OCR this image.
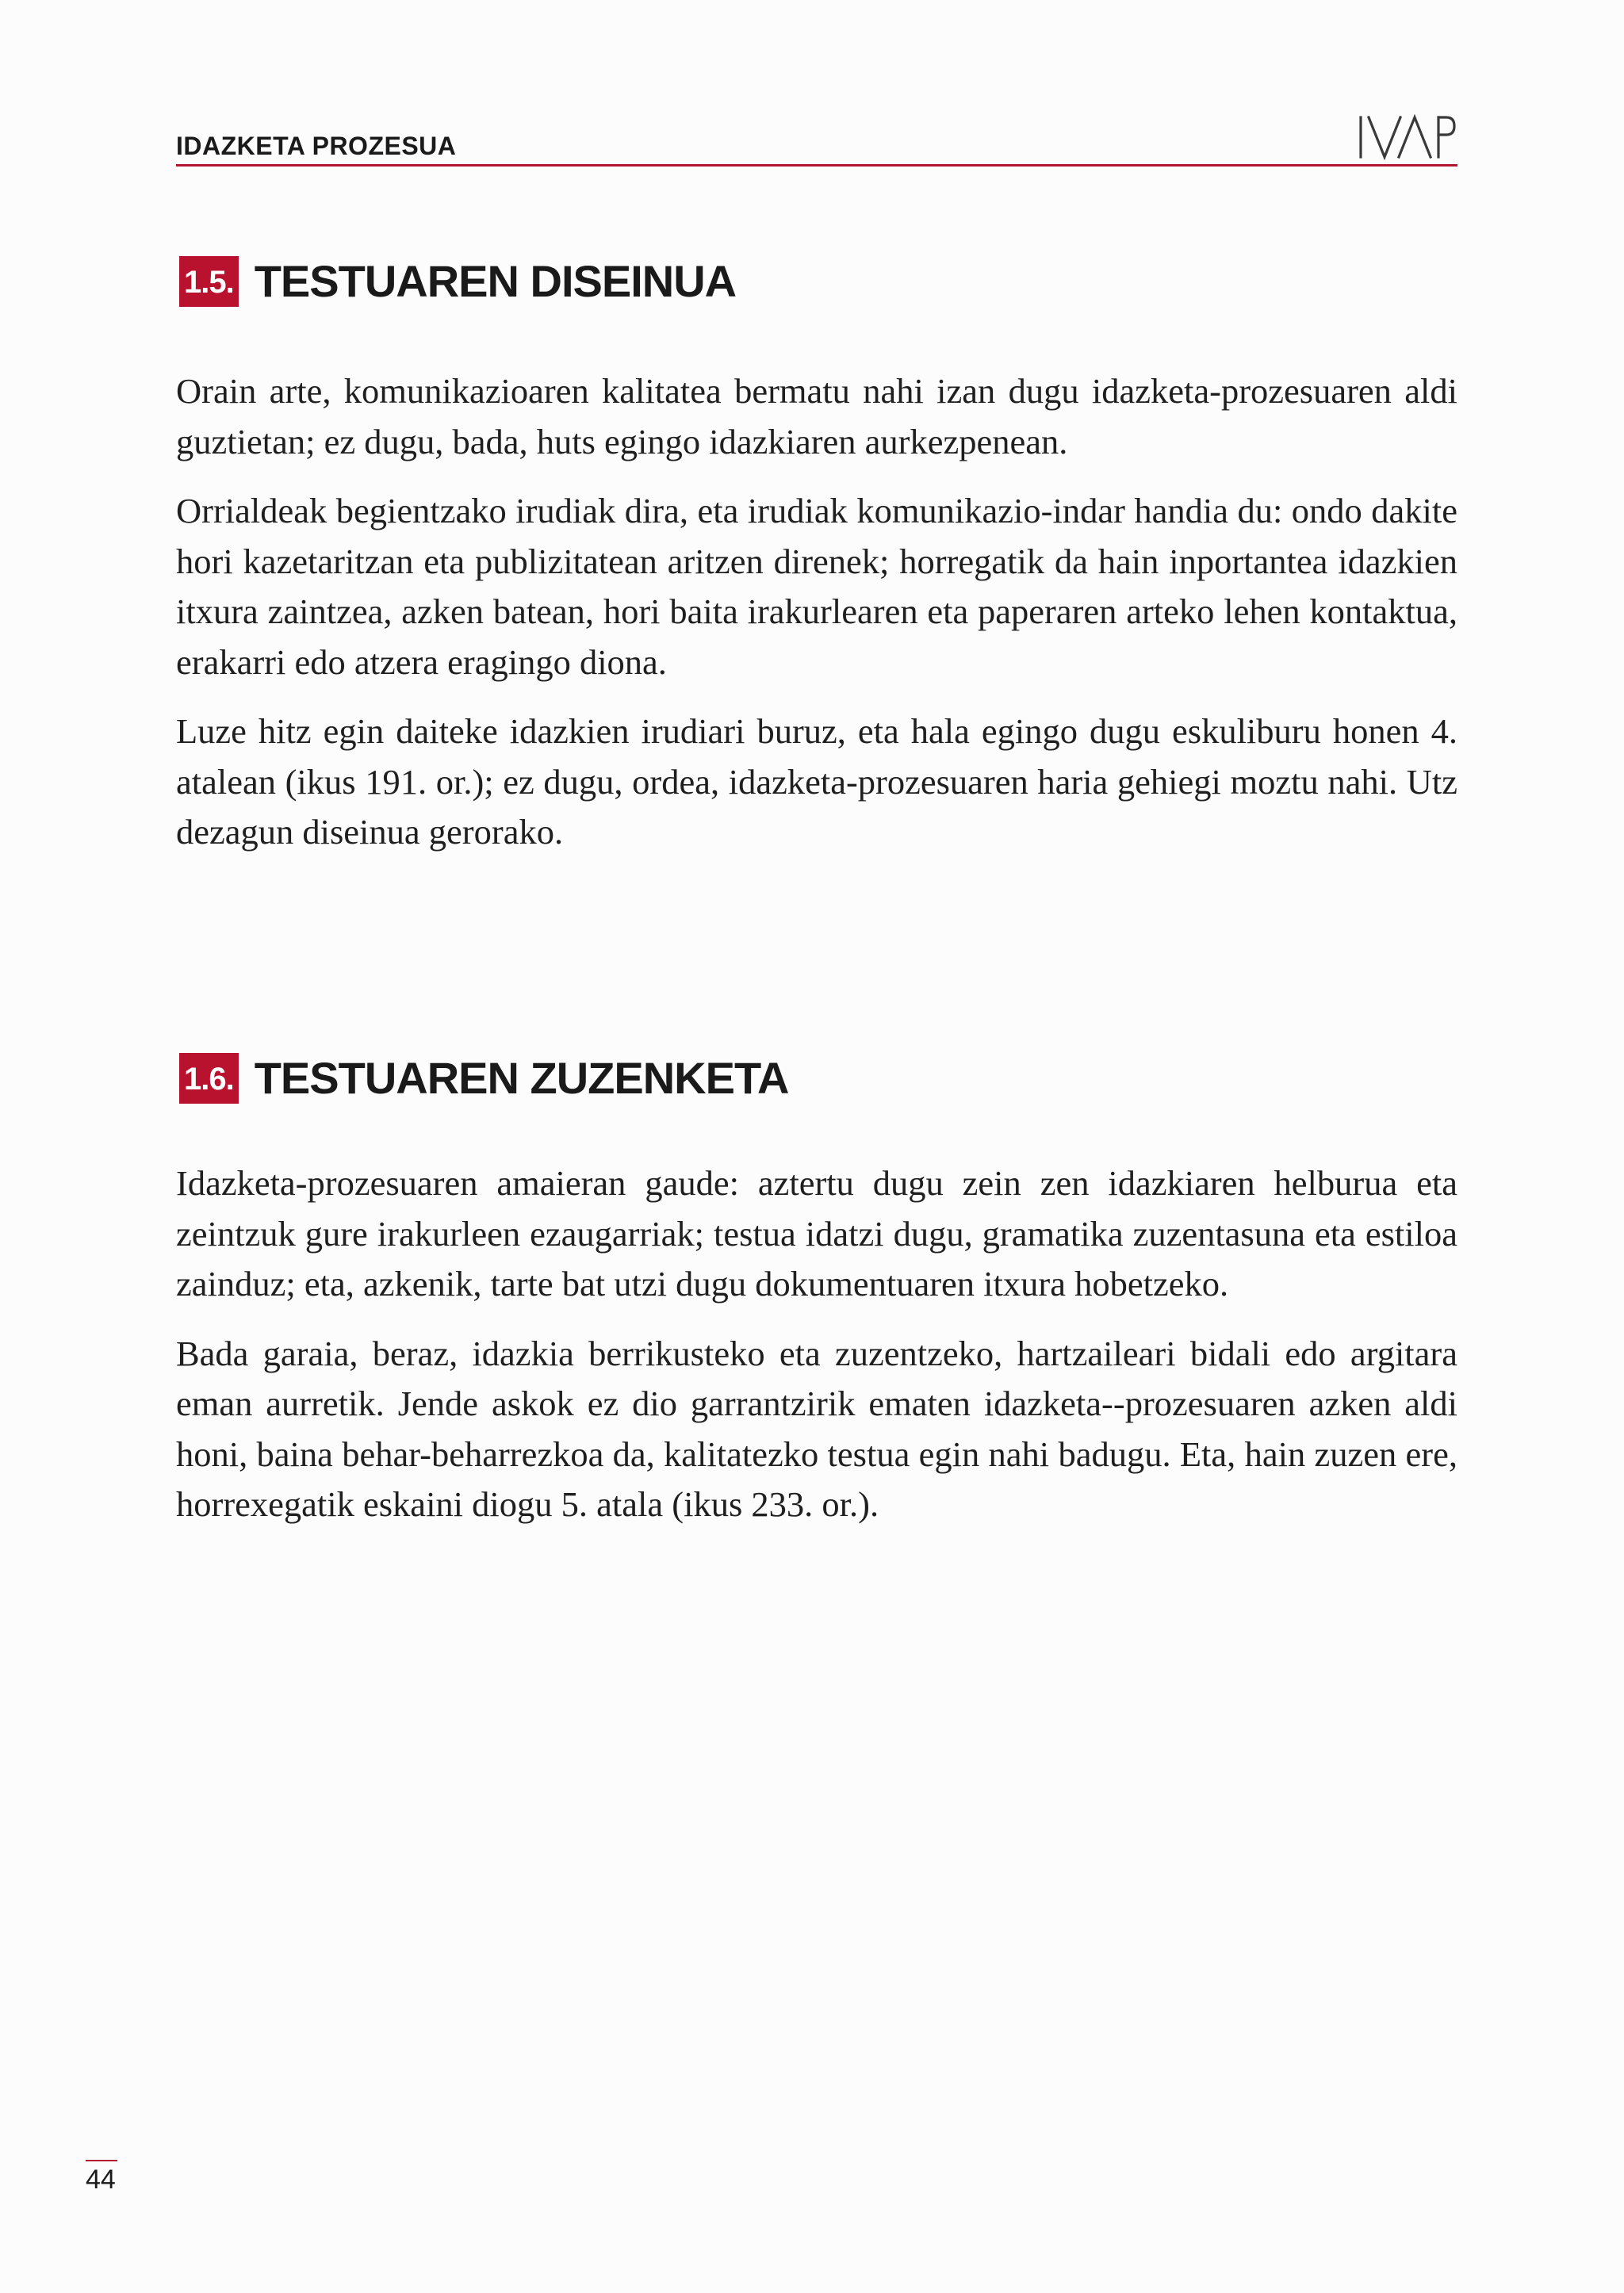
IDAZKETA PROZESUA
1.5. TESTUAREN DISEINUA

Orain arte, komunikazioaren kalitatea bermatu nahi izan dugu idazketa-prozesuaren aldi guztietan; ez dugu, bada, huts egingo idazkiaren aurkezpenean.

Orrialdeak begientzako irudiak dira, eta irudiak komunikazio-indar handia du: ondo dakite hori kazetaritzan eta publizitatean aritzen direnek; horregatik da hain inportantea idazkien itxura zaintzea, azken batean, hori baita irakurlearen eta paperaren arteko lehen kontaktua, erakarri edo atzera eragingo diona.

Luze hitz egin daiteke idazkien irudiari buruz, eta hala egingo dugu eskuliburu honen 4. atalean (ikus 191. or.); ez dugu, ordea, idazketa-prozesuaren haria gehiegi moztu nahi. Utz dezagun diseinua gerorako.

1.6. TESTUAREN ZUZENKETA

Idazketa-prozesuaren amaieran gaude: aztertu dugu zein zen idazkiaren helburua eta zeintzuk gure irakurleen ezaugarriak; testua idatzi dugu, gramatika zuzentasuna eta estiloa zainduz; eta, azkenik, tarte bat utzi dugu dokumentuaren itxura hobetzeko.

Bada garaia, beraz, idazkia berrikusteko eta zuzentzeko, hartzaileari bidali edo argitara eman aurretik. Jende askok ez dio garrantzirik ematen idazketa--prozesuaren azken aldi honi, baina behar-beharrezkoa da, kalitatezko testua egin nahi badugu. Eta, hain zuzen ere, horrexegatik eskaini diogu 5. atala (ikus 233. or.).

44
